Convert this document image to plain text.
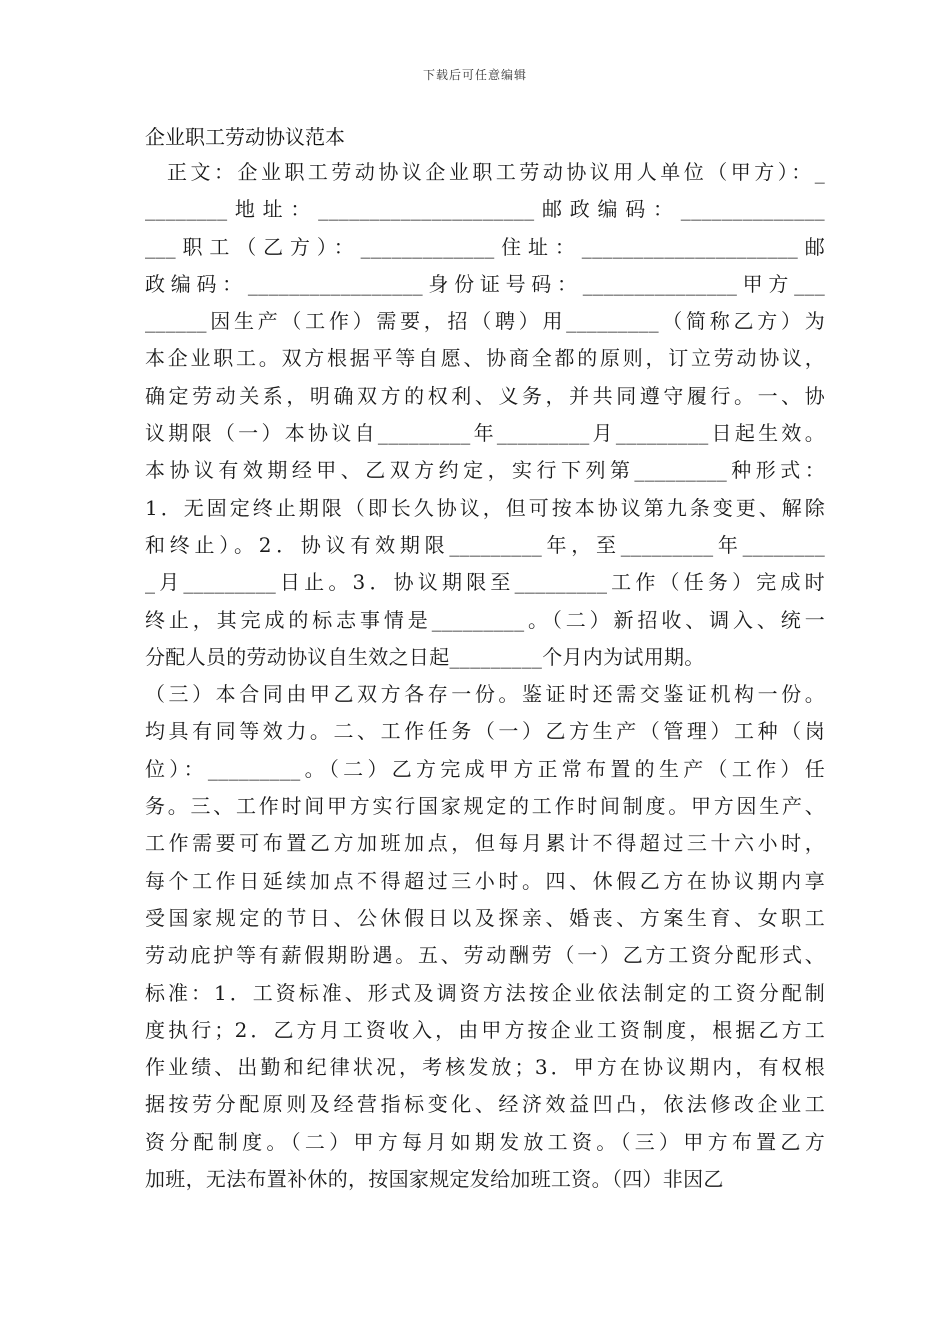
下载后可任意编辑
企业职工劳动协议范本
正文：企业职工劳动协议企业职工劳动协议用人单位（甲方）：_
________地址：_____________________邮政编码：______________
___职工（乙方）：_____________住址：_____________________邮
政编码：_________________身份证号码：_______________甲方___
______因生产（工作）需要，招（聘）用_________（简称乙方）为
本企业职工。双方根据平等自愿、协商全都的原则，订立劳动协议，
确定劳动关系，明确双方的权利、义务，并共同遵守履行。一、协
议期限（一）本协议自_________年_________月_________日起生效。
本协议有效期经甲、乙双方约定，实行下列第_________种形式：
1．无固定终止期限（即长久协议，但可按本协议第九条变更、解除
和终止）。2．协议有效期限_________年，至_________年________
_月_________日止。3．协议期限至_________工作（任务）完成时
终止，其完成的标志事情是_________。（二）新招收、调入、统一
分配人员的劳动协议自生效之日起_________个月内为试用期。
（三）本合同由甲乙双方各存一份。鉴证时还需交鉴证机构一份。
均具有同等效力。二、工作任务（一）乙方生产（管理）工种（岗
位）：_________。（二）乙方完成甲方正常布置的生产（工作）任
务。三、工作时间甲方实行国家规定的工作时间制度。甲方因生产、
工作需要可布置乙方加班加点，但每月累计不得超过三十六小时，
每个工作日延续加点不得超过三小时。四、休假乙方在协议期内享
受国家规定的节日、公休假日以及探亲、婚丧、方案生育、女职工
劳动庇护等有薪假期盼遇。五、劳动酬劳（一）乙方工资分配形式、
标准：1．工资标准、形式及调资方法按企业依法制定的工资分配制
度执行；2．乙方月工资收入，由甲方按企业工资制度，根据乙方工
作业绩、出勤和纪律状况，考核发放；3．甲方在协议期内，有权根
据按劳分配原则及经营指标变化、经济效益凹凸，依法修改企业工
资分配制度。（二）甲方每月如期发放工资。（三）甲方布置乙方
加班，无法布置补休的，按国家规定发给加班工资。（四）非因乙
